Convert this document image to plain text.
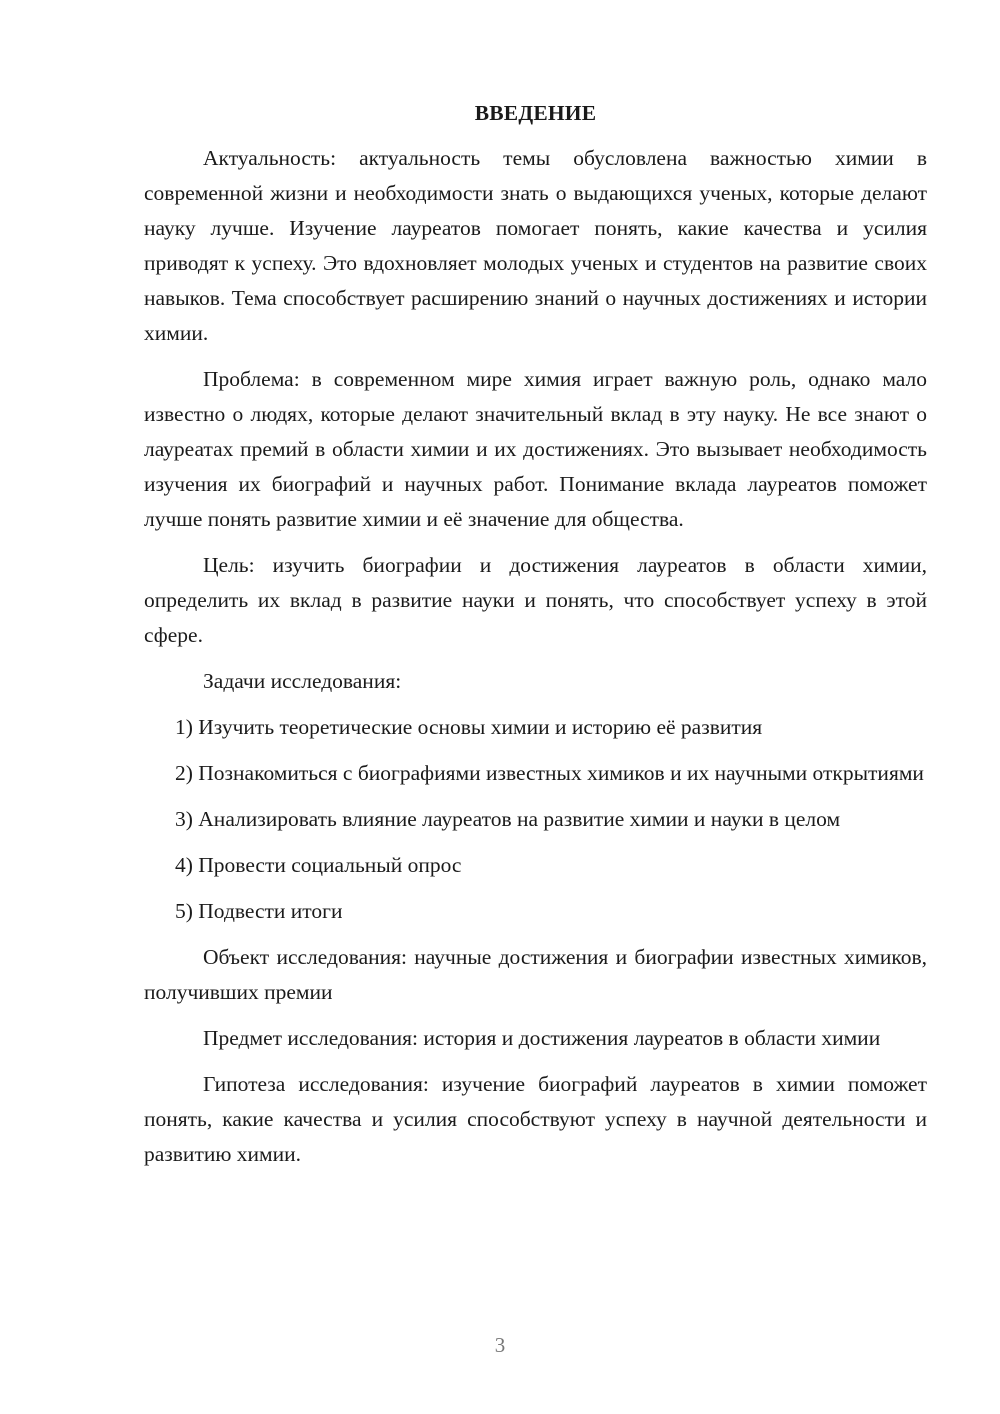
ВВЕДЕНИЕ

Актуальность: актуальность темы обусловлена важностью химии в современной жизни и необходимости знать о выдающихся ученых, которые делают науку лучше. Изучение лауреатов помогает понять, какие качества и усилия приводят к успеху. Это вдохновляет молодых ученых и студентов на развитие своих навыков. Тема способствует расширению знаний о научных достижениях и истории химии.

Проблема: в современном мире химия играет важную роль, однако мало известно о людях, которые делают значительный вклад в эту науку. Не все знают о лауреатах премий в области химии и их достижениях. Это вызывает необходимость изучения их биографий и научных работ. Понимание вклада лауреатов поможет лучше понять развитие химии и её значение для общества.

Цель: изучить биографии и достижения лауреатов в области химии, определить их вклад в развитие науки и понять, что способствует успеху в этой сфере.

Задачи исследования:

1) Изучить теоретические основы химии и историю её развития

2) Познакомиться с биографиями известных химиков и их научными открытиями

3) Анализировать влияние лауреатов на развитие химии и науки в целом

4) Провести социальный опрос

5) Подвести итоги

Объект исследования: научные достижения и биографии известных химиков, получивших премии

Предмет исследования: история и достижения лауреатов в области химии

Гипотеза исследования: изучение биографий лауреатов в химии поможет понять, какие качества и усилия способствуют успеху в научной деятельности и развитию химии.

3
